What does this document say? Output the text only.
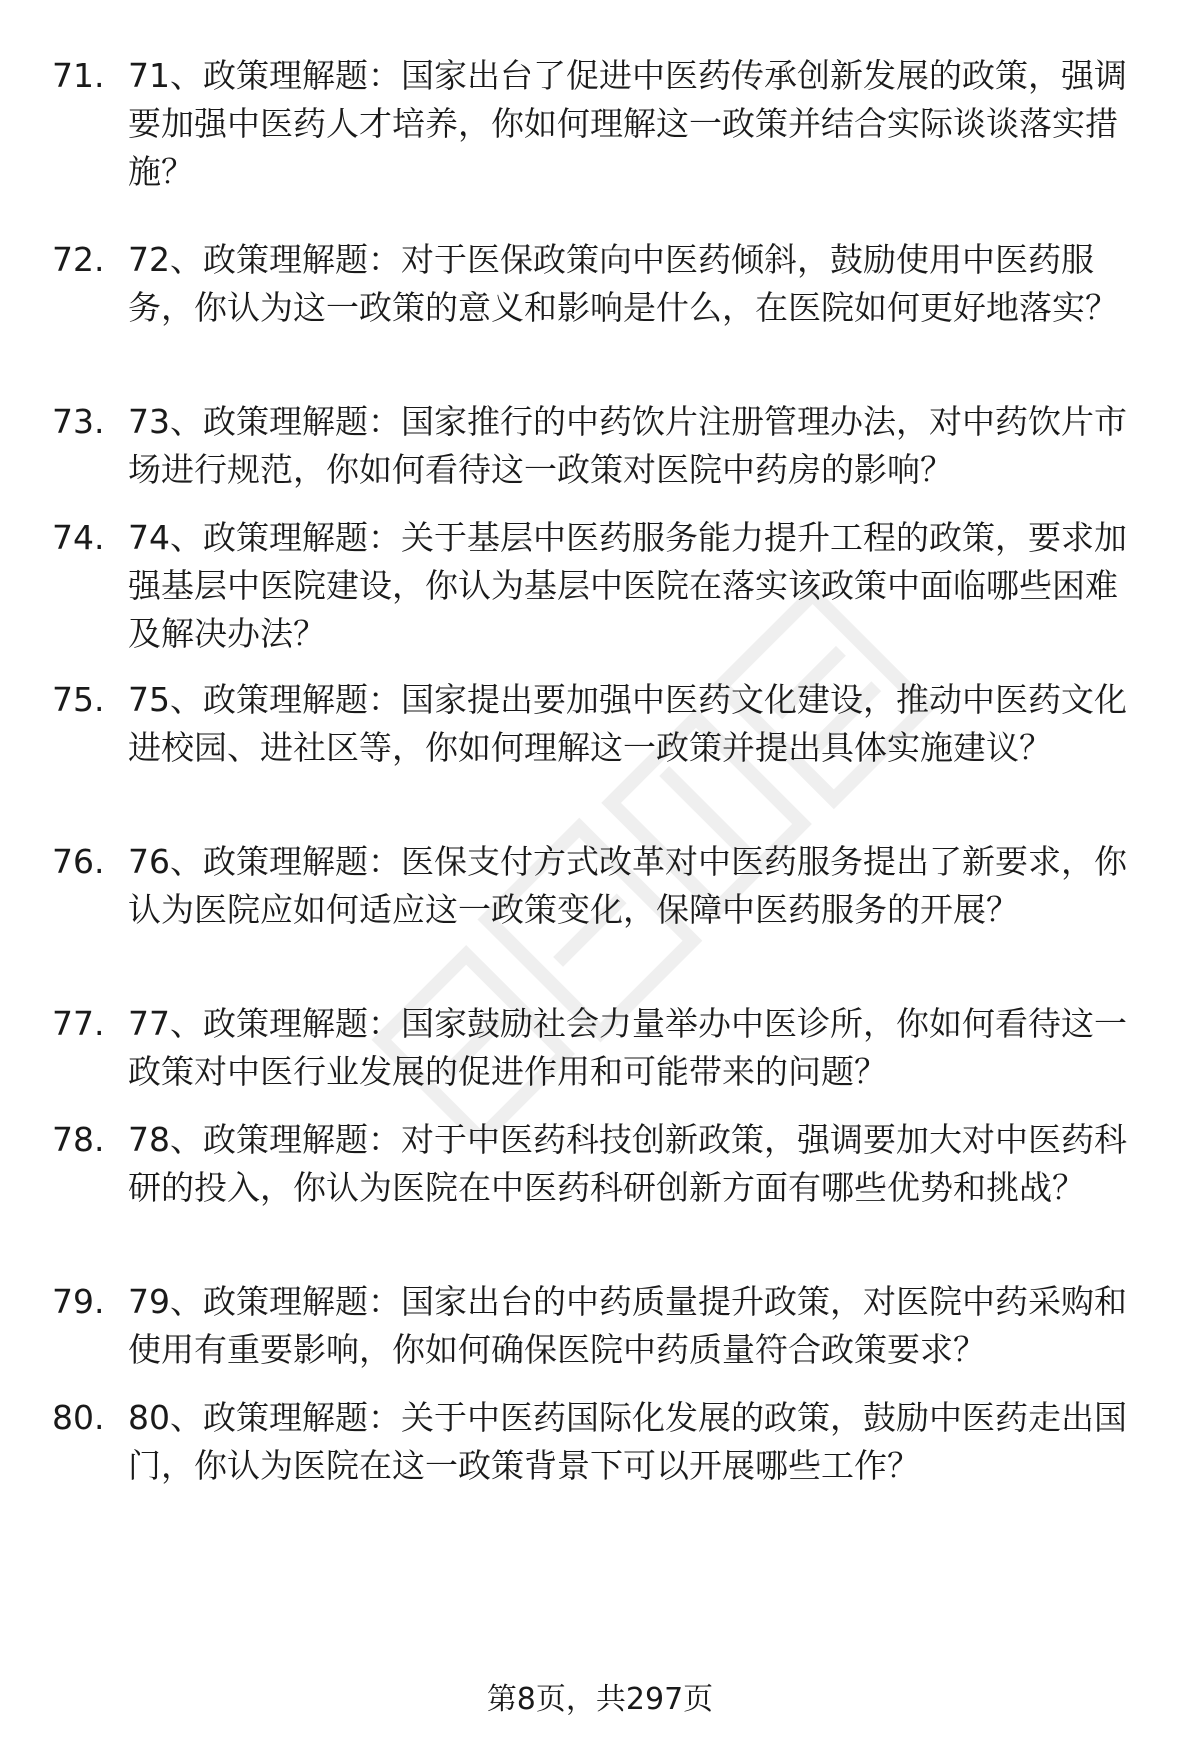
71. 71、政策理解题：国家出台了促进中医药传承创新发展的政策，强调要加强中医药人才培养，你如何理解这一政策并结合实际谈谈落实措施？
72. 72、政策理解题：对于医保政策向中医药倾斜，鼓励使用中医药服务，你认为这一政策的意义和影响是什么，在医院如何更好地落实？
73. 73、政策理解题：国家推行的中药饮片注册管理办法，对中药饮片市场进行规范，你如何看待这一政策对医院中药房的影响？
74. 74、政策理解题：关于基层中医药服务能力提升工程的政策，要求加强基层中医院建设，你认为基层中医院在落实该政策中面临哪些困难及解决办法？
75. 75、政策理解题：国家提出要加强中医药文化建设，推动中医药文化进校园、进社区等，你如何理解这一政策并提出具体实施建议？
76. 76、政策理解题：医保支付方式改革对中医药服务提出了新要求，你认为医院应如何适应这一政策变化，保障中医药服务的开展？
77. 77、政策理解题：国家鼓励社会力量举办中医诊所，你如何看待这一政策对中医行业发展的促进作用和可能带来的问题？
78. 78、政策理解题：对于中医药科技创新政策，强调要加大对中医药科研的投入，你认为医院在中医药科研创新方面有哪些优势和挑战？
79. 79、政策理解题：国家出台的中药质量提升政策，对医院中药采购和使用有重要影响，你如何确保医院中药质量符合政策要求？
80. 80、政策理解题：关于中医药国际化发展的政策，鼓励中医药走出国门，你认为医院在这一政策背景下可以开展哪些工作？
第8页，共297页
